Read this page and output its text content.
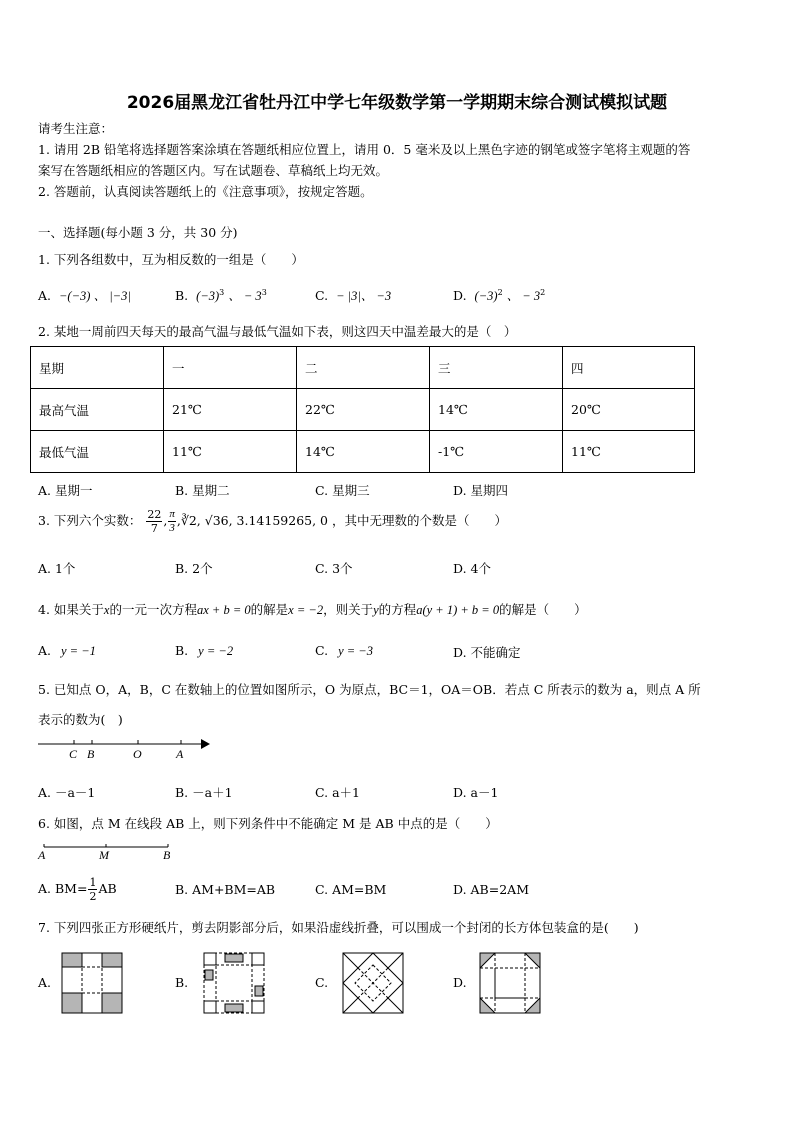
2026届黑龙江省牡丹江中学七年级数学第一学期期末综合测试模拟试题
请考生注意：
1. 请用 2B 铅笔将选择题答案涂填在答题纸相应位置上，请用 0．5 毫米及以上黑色字迹的钢笔或签字笔将主观题的答
案写在答题纸相应的答题区内。写在试题卷、草稿纸上均无效。
2. 答题前，认真阅读答题纸上的《注意事项》，按规定答题。
一、选择题(每小题 3 分，共 30 分)
1. 下列各组数中，互为相反数的一组是（　　）
A. −(−3) 、 |−3|	B. $(-3)^3$ 、 − $3^3$	C. − |3|、 −3	D. $(-3)^2$ 、 − $3^2$
2. 某地一周前四天每天的最高气温与最低气温如下表，则这四天中温差最大的是（　）
星期	一	二	三	四
最高气温	21℃	22℃	14℃	20℃
最低气温	11℃	14℃	-1℃	11℃
A. 星期一	B. 星期二	C. 星期三	D. 星期四
3. 下列六个实数： $\frac{22}{7}$ , $\frac{\pi}{3}$ ,∛2, √36, 3.14159265, 0 ，其中无理数的个数是（　　）
A. 1个	B. 2个	C. 3个	D. 4个
4. 如果关于x的一元一次方程ax + b = 0的解是x = −2，则关于y的方程a(y + 1) + b = 0的解是（　　）
A. y = −1	B. y = −2	C. y = −3	D. 不能确定
5. 已知点 O，A，B，C 在数轴上的位置如图所示，O 为原点，BC＝1，OA＝OB．若点 C 所表示的数为 a，则点 A 所
表示的数为(　)
C B	O	A
A. －a－1	B. －a＋1	C. a＋1	D. a－1
6. 如图，点 M 在线段 AB 上，则下列条件中不能确定 M 是 AB 中点的是（　　）
A	M	B
A. $BM= \frac{1}{2}$ AB	B. AM+BM=AB	C. AM=BM	D. AB=2AM
7. 下列四张正方形硬纸片，剪去阴影部分后，如果沿虚线折叠，可以围成一个封闭的长方体包装盒的是(　　)
A.	B.	C.	D.
